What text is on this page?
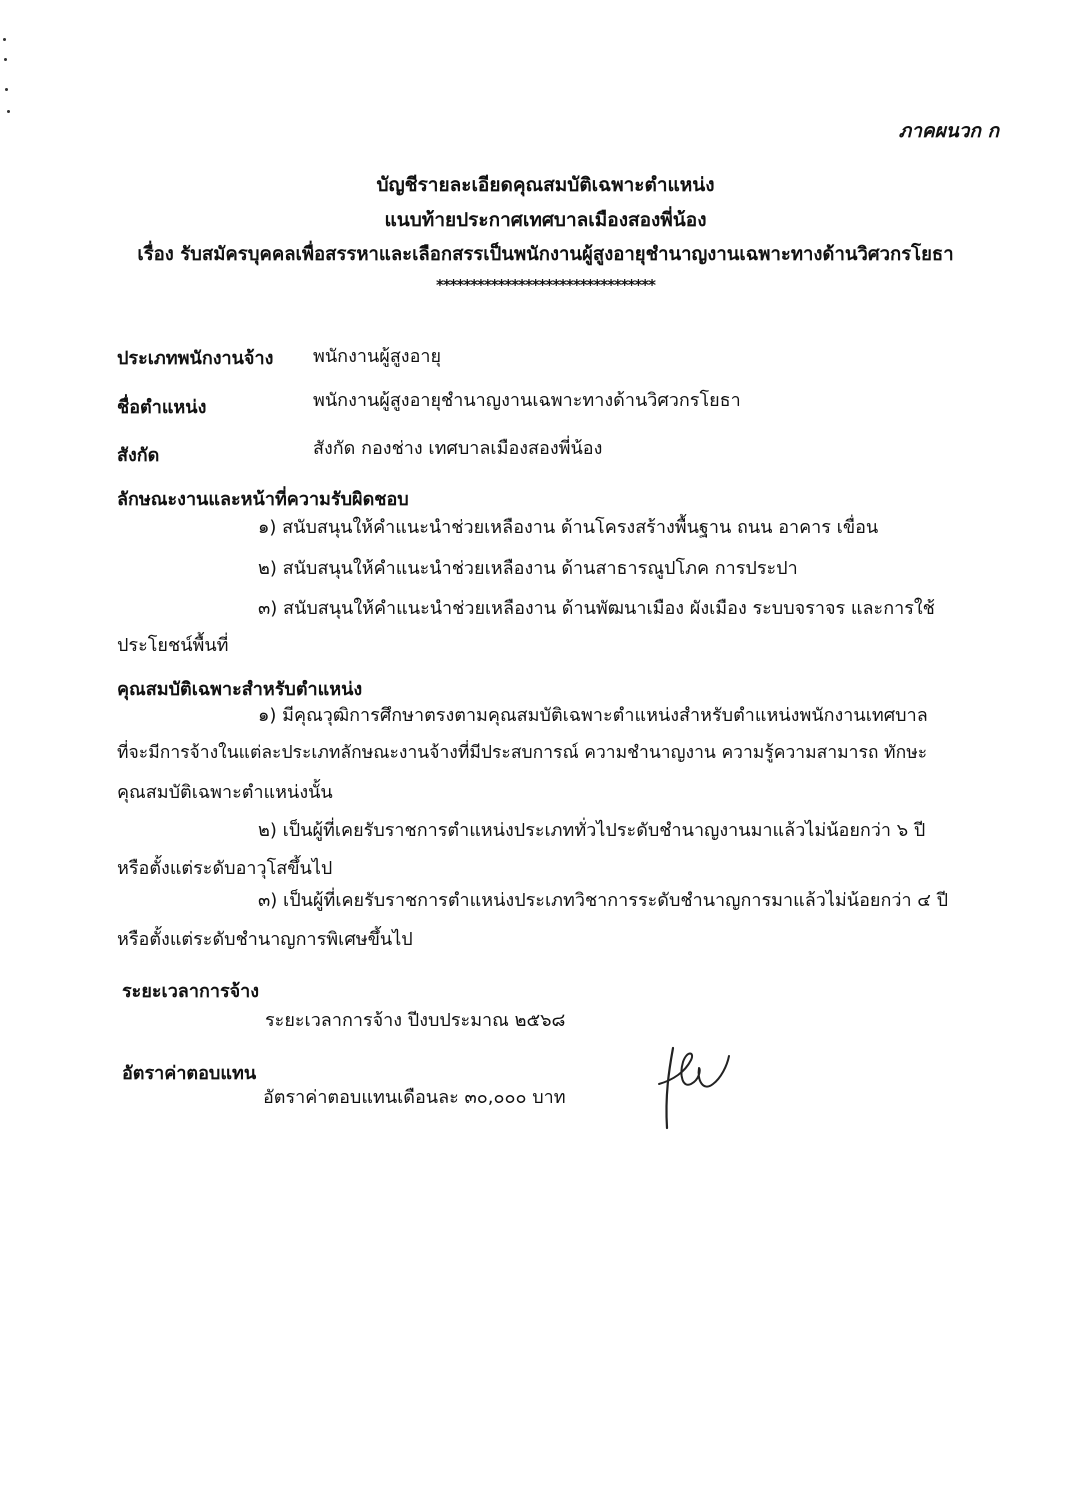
ภาคผนวก ก
บัญชีรายละเอียดคุณสมบัติเฉพาะตำแหน่ง
แนบท้ายประกาศเทศบาลเมืองสองพี่น้อง
เรื่อง รับสมัครบุคคลเพื่อสรรหาและเลือกสรรเป็นพนักงานผู้สูงอายุชำนาญงานเฉพาะทางด้านวิศวกรโยธา
********************************
ประเภทพนักงานจ้าง พนักงานผู้สูงอายุ
ชื่อตำแหน่ง	พนักงานผู้สูงอายุชำนาญงานเฉพาะทางด้านวิศวกรโยธา
สังกัด	สังกัด กองช่าง เทศบาลเมืองสองพี่น้อง
ลักษณะงานและหน้าที่ความรับผิดชอบ
๑) สนับสนุนให้คำแนะนำช่วยเหลืองาน ด้านโครงสร้างพื้นฐาน ถนน อาคาร เขื่อน
๒) สนับสนุนให้คำแนะนำช่วยเหลืองาน ด้านสาธารณูปโภค การประปา
๓) สนับสนุนให้คำแนะนำช่วยเหลืองาน ด้านพัฒนาเมือง ผังเมือง ระบบจราจร และการใช้
ประโยชน์พื้นที่
คุณสมบัติเฉพาะสำหรับตำแหน่ง
๑) มีคุณวุฒิการศึกษาตรงตามคุณสมบัติเฉพาะตำแหน่งสำหรับตำแหน่งพนักงานเทศบาล
ที่จะมีการจ้างในแต่ละประเภทลักษณะงานจ้างที่มีประสบการณ์ ความชำนาญงาน ความรู้ความสามารถ ทักษะ
คุณสมบัติเฉพาะตำแหน่งนั้น
๒) เป็นผู้ที่เคยรับราชการตำแหน่งประเภททั่วไประดับชำนาญงานมาแล้วไม่น้อยกว่า ๖ ปี
หรือตั้งแต่ระดับอาวุโสขึ้นไป
๓) เป็นผู้ที่เคยรับราชการตำแหน่งประเภทวิชาการระดับชำนาญการมาแล้วไม่น้อยกว่า ๔ ปี
หรือตั้งแต่ระดับชำนาญการพิเศษขึ้นไป
ระยะเวลาการจ้าง
ระยะเวลาการจ้าง ปีงบประมาณ ๒๕๖๘
อัตราค่าตอบแทน
อัตราค่าตอบแทนเดือนละ ๓๐,๐๐๐ บาท
